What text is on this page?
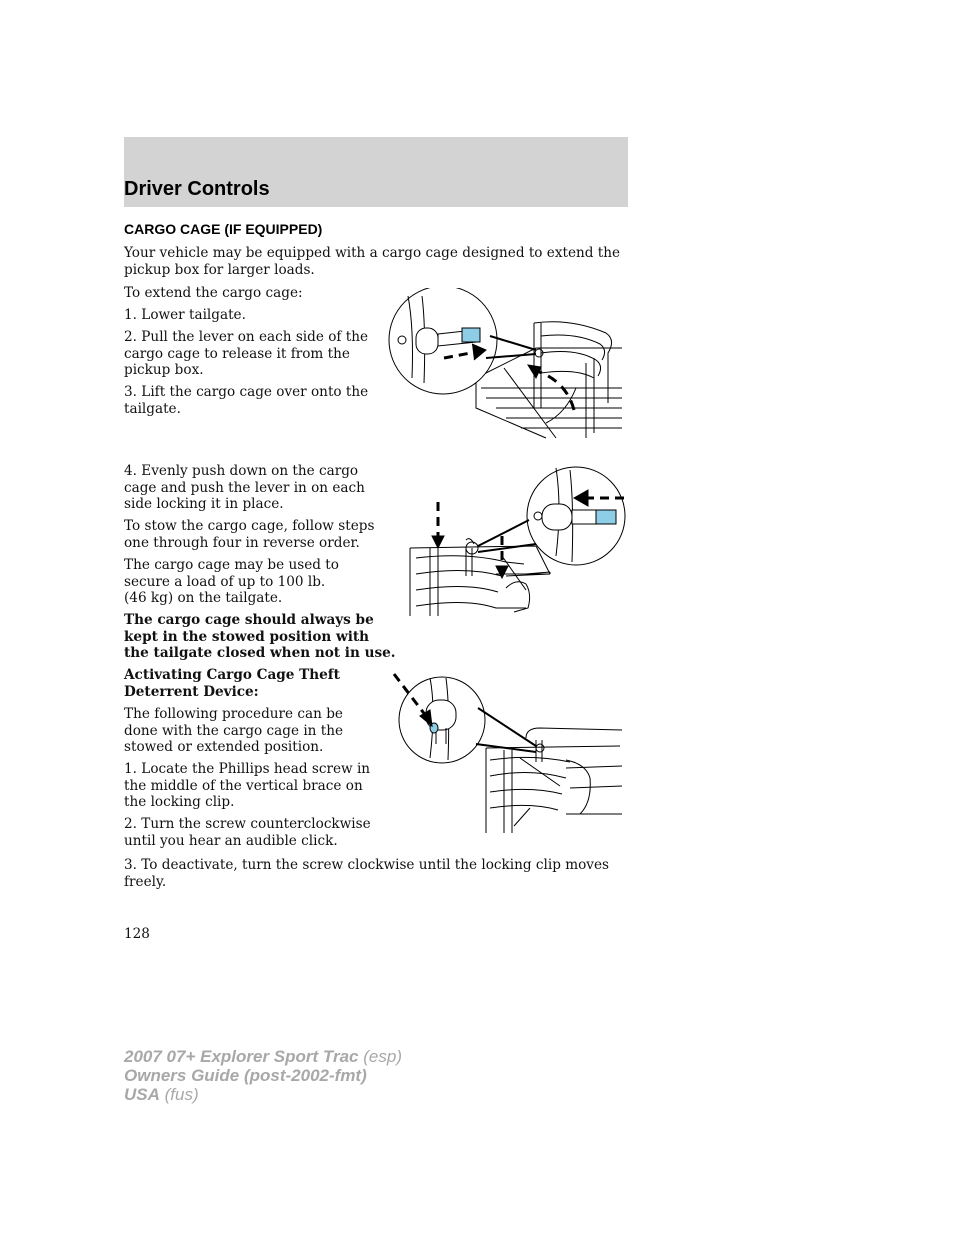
Driver Controls
CARGO CAGE (IF EQUIPPED)
Your vehicle may be equipped with a cargo cage designed to extend the
pickup box for larger loads.
To extend the cargo cage:
1. Lower tailgate.
2. Pull the lever on each side of the
cargo cage to release it from the
pickup box.
3. Lift the cargo cage over onto the
tailgate.
4. Evenly push down on the cargo
cage and push the lever in on each
side locking it in place.
To stow the cargo cage, follow steps
one through four in reverse order.
The cargo cage may be used to
secure a load of up to 100 lb.
(46 kg) on the tailgate.
The cargo cage should always be
kept in the stowed position with
the tailgate closed when not in use.
Activating Cargo Cage Theft
Deterrent Device:
The following procedure can be
done with the cargo cage in the
stowed or extended position.
1. Locate the Phillips head screw in
the middle of the vertical brace on
the locking clip.
2. Turn the screw counterclockwise
until you hear an audible click.
3. To deactivate, turn the screw clockwise until the locking clip moves
freely.
128
2007 07+ Explorer Sport Trac (esp)
Owners Guide (post-2002-fmt)
USA (fus)
